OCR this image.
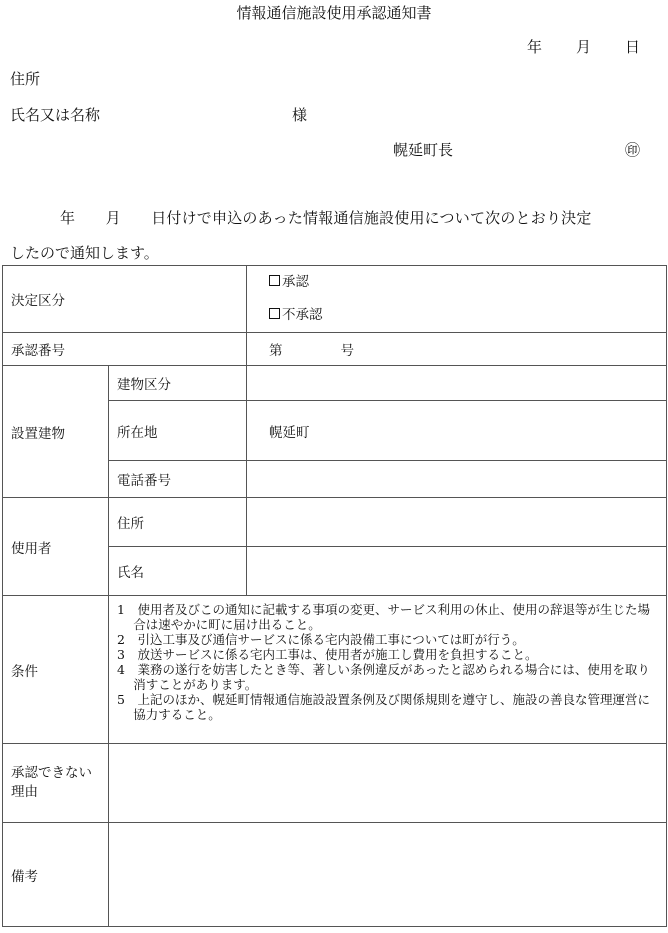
情報通信施設使用承認通知書
年 月 日
住所
氏名又は名称	様
幌延町長	㊞
年　　月　　日付けで申込のあった情報通信施設使用について次のとおり決定
したので通知します。
決定区分		承認
不承認

承認番号		第 号
設置建物	建物区分	
	所在地	幌延町
	電話番号	
使用者	住所	
	氏名	
条件	1　使用者及びこの通知に記載する事項の変更、サービス利用の休止、使用の辞退等が生じた場合は速やかに町に届け出ること。
2　引込工事及び通信サービスに係る宅内設備工事については町が行う。
3　放送サービスに係る宅内工事は、使用者が施工し費用を負担すること。
4　業務の遂行を妨害したとき等、著しい条例違反があったと認められる場合には、使用を取り消すことがあります。
5　上記のほか、幌延町情報通信施設設置条例及び関係規則を遵守し、施設の善良な管理運営に協力すること。	

承認できない理由		
備考		
